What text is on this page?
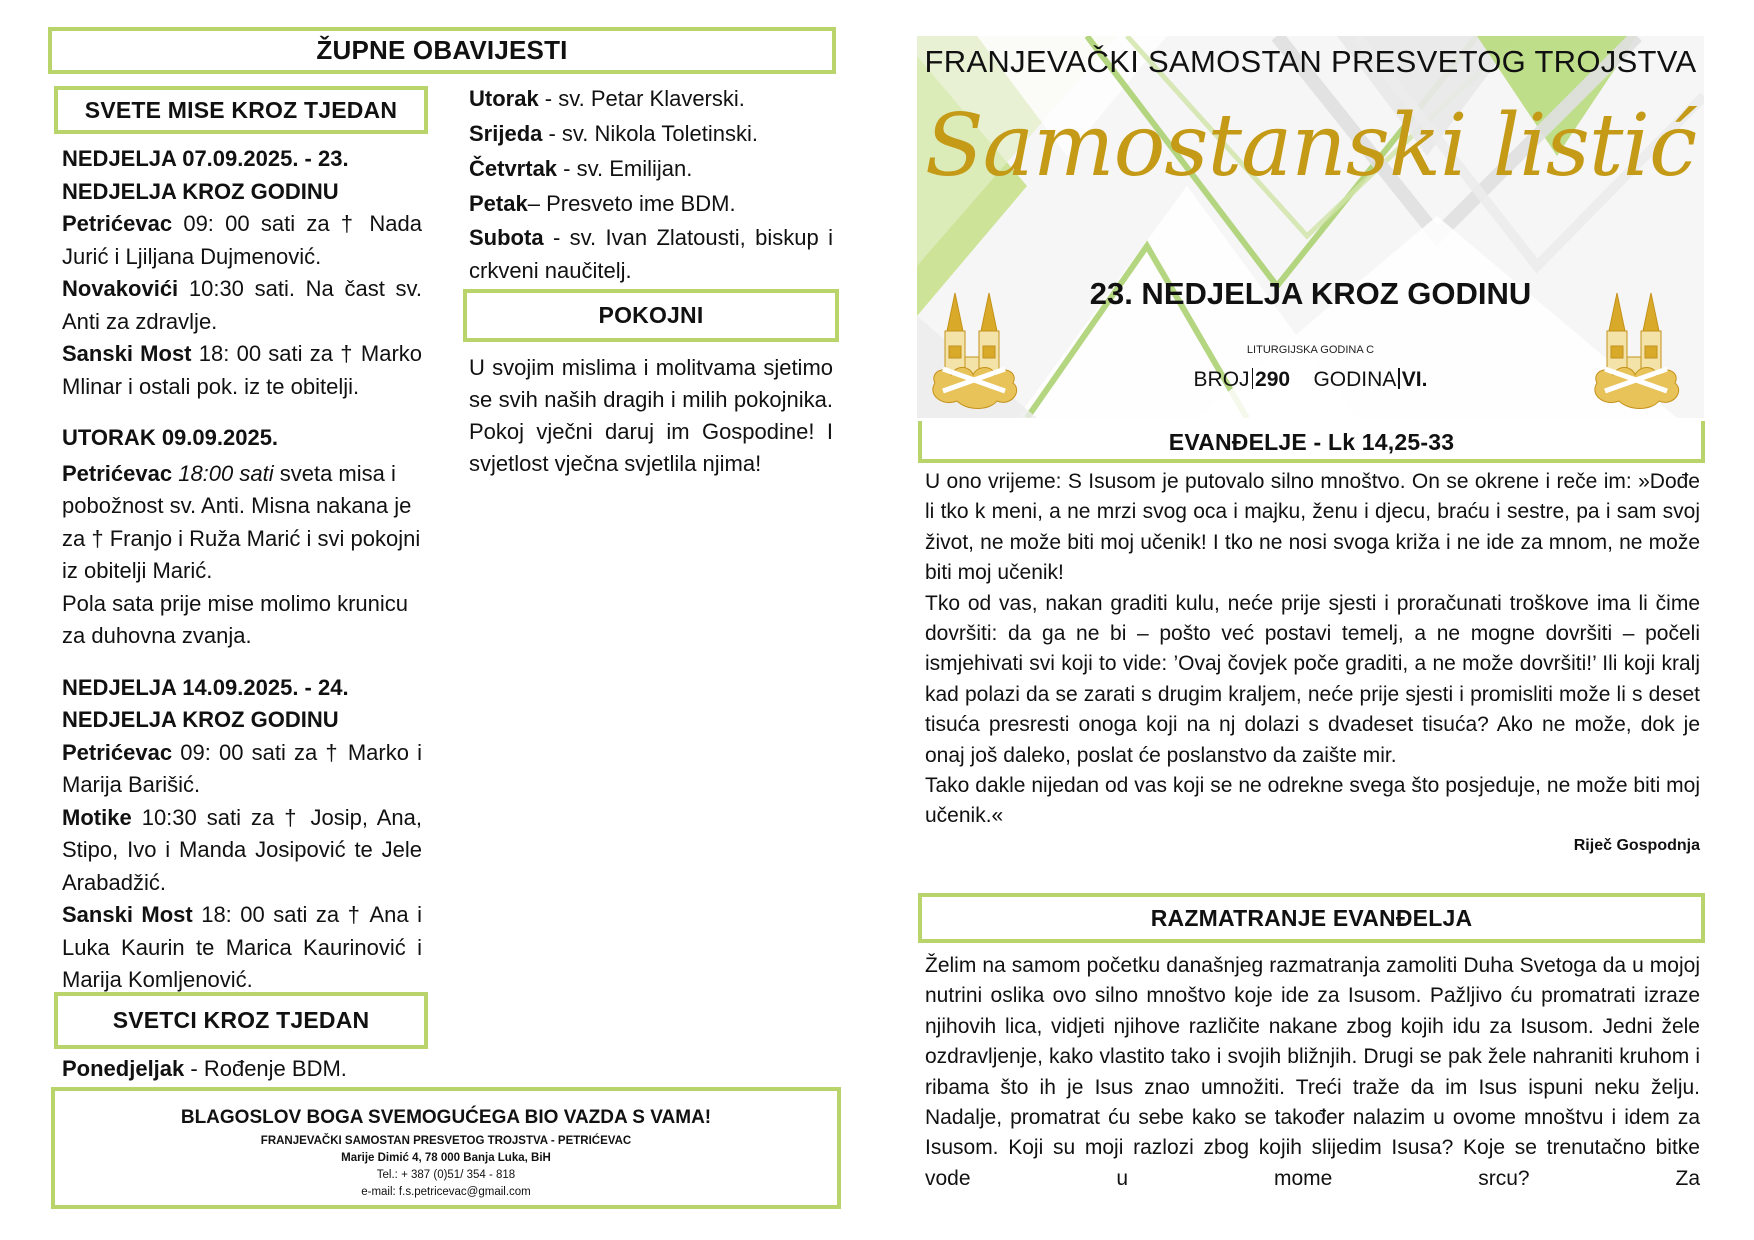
ŽUPNE OBAVIJESTI
SVETE MISE KROZ TJEDAN

NEDJELJA 07.09.2025. - 23. NEDJELJA KROZ GODINU

Petrićevac 09: 00 sati za † Nada Jurić i Ljiljana Dujmenović.

Novakovići 10:30 sati. Na čast sv. Anti za zdravlje.

Sanski Most 18: 00 sati za † Marko Mlinar i ostali pok. iz te obitelji.

UTORAK 09.09.2025.

Petrićevac 18:00 sati sveta misa i pobožnost sv. Anti. Misna nakana je za † Franjo i Ruža Marić i svi pokojni iz obitelji Marić.

Pola sata prije mise molimo krunicu za duhovna zvanja.

NEDJELJA 14.09.2025. - 24. NEDJELJA KROZ GODINU

Petrićevac 09: 00 sati za † Marko i Marija Barišić.

Motike 10:30 sati za † Josip, Ana, Stipo, Ivo i Manda Josipović te Jele Arabadžić.

Sanski Most 18: 00 sati za † Ana i Luka Kaurin te Marica Kaurinović i Marija Komljenović.

SVETCI KROZ TJEDAN

Ponedjeljak - Rođenje BDM.

Utorak - sv. Petar Klaverski.

Srijeda - sv. Nikola Toletinski.

Četvrtak - sv. Emilijan.

Petak– Presveto ime BDM.

Subota - sv. Ivan Zlatousti, biskup i crkveni naučitelj.

POKOJNI

U svojim mislima i molitvama sjetimo se svih naših dragih i milih pokojnika. Pokoj vječni daruj im Gospodine! I svjetlost vječna svjetlila njima!

BLAGOSLOV BOGA SVEMOGUĆEGA BIO VAZDA S VAMA!
FRANJEVAČKI SAMOSTAN PRESVETOG TROJSTVA - PETRIĆEVAC
Marije Dimić 4, 78 000 Banja Luka, BiH
Tel.: + 387 (0)51/ 354 - 818
e-mail: f.s.petricevac@gmail.com
FRANJEVAČKI SAMOSTAN PRESVETOG TROJSTVA
Samostanski listić
23. NEDJELJA KROZ GODINU
LITURGIJSKA GODINA C
BROJ 290 GODINA VI.
EVANĐELJE - Lk 14,25-33

U ono vrijeme: S Isusom je putovalo silno mnoštvo. On se okrene i reče im: »Dođe li tko k meni, a ne mrzi svog oca i majku, ženu i djecu, braću i sestre, pa i sam svoj život, ne može biti moj učenik! I tko ne nosi svoga križa i ne ide za mnom, ne može biti moj učenik!

Tko od vas, nakan graditi kulu, neće prije sjesti i proračunati troškove ima li čime dovršiti: da ga ne bi – pošto već postavi temelj, a ne mogne dovršiti – počeli ismjehivati svi koji to vide: ’Ovaj čovjek poče graditi, a ne može dovršiti!’ Ili koji kralj kad polazi da se zarati s drugim kraljem, neće prije sjesti i promisliti može li s deset tisuća presresti onoga koji na nj dolazi s dvadeset tisuća? Ako ne može, dok je onaj još daleko, poslat će poslanstvo da zaište mir.

Tako dakle nijedan od vas koji se ne odrekne svega što posjeduje, ne može biti moj učenik.«

Riječ Gospodnja

RAZMATRANJE EVANĐELJA

Želim na samom početku današnjeg razmatranja zamoliti Duha Svetoga da u mojoj nutrini oslika ovo silno mnoštvo koje ide za Isusom. Pažljivo ću promatrati izraze njihovih lica, vidjeti njihove različite nakane zbog kojih idu za Isusom. Jedni žele ozdravljenje, kako vlastito tako i svojih bližnjih. Drugi se pak žele nahraniti kruhom i ribama što ih je Isus znao umnožiti. Treći traže da im Isus ispuni neku želju. Nadalje, promatrat ću sebe kako se također nalazim u ovome mnoštvu i idem za Isusom. Koji su moji razlozi zbog kojih slijedim Isusa? Koje se trenutačno bitke vode u mome srcu? Za
